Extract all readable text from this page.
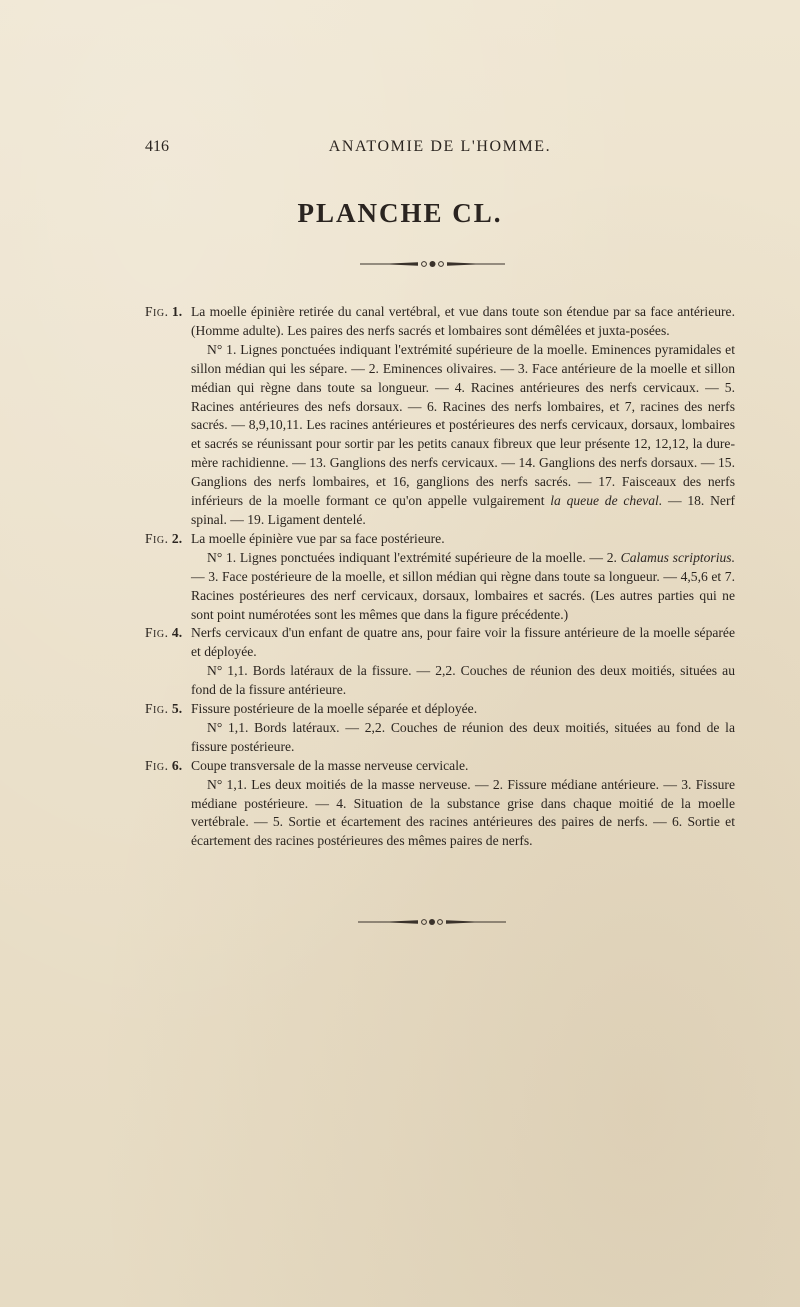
416	ANATOMIE DE L'HOMME.
PLANCHE CL.
Fig. 1. La moelle épinière retirée du canal vertébral, et vue dans toute son étendue par sa face antérieure. (Homme adulte). Les paires des nerfs sacrés et lombaires sont démêlées et juxta-posées.
N° 1. Lignes ponctuées indiquant l'extrémité supérieure de la moelle. Eminences pyramidales et sillon médian qui les sépare. — 2. Eminences olivaires. — 3. Face antérieure de la moelle et sillon médian qui règne dans toute sa longueur. — 4. Racines antérieures des nerfs cervicaux. — 5. Racines antérieures des nefs dorsaux. — 6. Racines des nerfs lombaires, et 7, racines des nerfs sacrés. — 8,9,10,11. Les racines antérieures et postérieures des nerfs cervicaux, dorsaux, lombaires et sacrés se réunissant pour sortir par les petits canaux fibreux que leur présente 12, 12,12, la dure-mère rachidienne. — 13. Ganglions des nerfs cervicaux. — 14. Ganglions des nerfs dorsaux. — 15. Ganglions des nerfs lombaires, et 16, ganglions des nerfs sacrés. — 17. Faisceaux des nerfs inférieurs de la moelle formant ce qu'on appelle vulgairement la queue de cheval. — 18. Nerf spinal. — 19. Ligament dentelé.
Fig. 2. La moelle épinière vue par sa face postérieure.
N° 1. Lignes ponctuées indiquant l'extrémité supérieure de la moelle. — 2. Calamus scriptorius. — 3. Face postérieure de la moelle, et sillon médian qui règne dans toute sa longueur. — 4,5,6 et 7. Racines postérieures des nerf cervicaux, dorsaux, lombaires et sacrés. (Les autres parties qui ne sont point numérotées sont les mêmes que dans la figure précédente.)
Fig. 4. Nerfs cervicaux d'un enfant de quatre ans, pour faire voir la fissure antérieure de la moelle séparée et déployée.
N° 1,1. Bords latéraux de la fissure. — 2,2. Couches de réunion des deux moitiés, situées au fond de la fissure antérieure.
Fig. 5. Fissure postérieure de la moelle séparée et déployée.
N° 1,1. Bords latéraux. — 2,2. Couches de réunion des deux moitiés, situées au fond de la fissure postérieure.
Fig. 6. Coupe transversale de la masse nerveuse cervicale.
N° 1,1. Les deux moitiés de la masse nerveuse. — 2. Fissure médiane antérieure. — 3. Fissure médiane postérieure. — 4. Situation de la substance grise dans chaque moitié de la moelle vertébrale. — 5. Sortie et écartement des racines antérieures des paires de nerfs. — 6. Sortie et écartement des racines postérieures des mêmes paires de nerfs.
